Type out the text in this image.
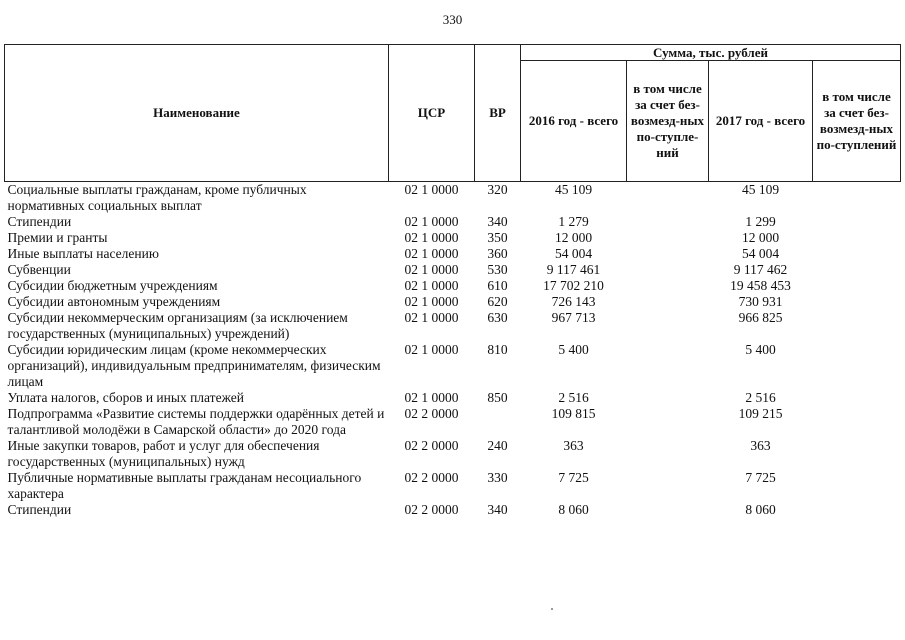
330
Наименование	ЦСР	ВР	Сумма, тыс. рублей			
			2016 год - всего	в том числе за счет без-возмезд-ных по-ступле-ний	2017 год - всего	в том числе за счет без-возмезд-ных по-ступлений
Социальные выплаты гражданам, кроме публичных нормативных социальных выплат	02 1 0000	320	45 109		45 109	
Стипендии	02 1 0000	340	1 279		1 299	
Премии и гранты	02 1 0000	350	12 000		12 000	
Иные выплаты населению	02 1 0000	360	54 004		54 004	
Субвенции	02 1 0000	530	9 117 461		9 117 462	
Субсидии бюджетным учреждениям	02 1 0000	610	17 702 210		19 458 453	
Субсидии автономным учреждениям	02 1 0000	620	726 143		730 931	
Субсидии некоммерческим организациям (за исключением государственных (муниципальных) учреждений)	02 1 0000	630	967 713		966 825	
Субсидии юридическим лицам (кроме некоммерческих организаций), индивидуальным предпринимателям, физическим лицам	02 1 0000	810	5 400		5 400	
Уплата налогов, сборов и иных платежей	02 1 0000	850	2 516		2 516	
Подпрограмма «Развитие системы поддержки одарённых детей и талантливой молодёжи в Самарской области» до 2020 года	02 2 0000		109 815		109 215	
Иные закупки товаров, работ и услуг для обеспечения государственных (муниципальных) нужд	02 2 0000	240	363		363	
Публичные нормативные выплаты гражданам несоциального характера	02 2 0000	330	7 725		7 725	
Стипендии	02 2 0000	340	8 060		8 060	
